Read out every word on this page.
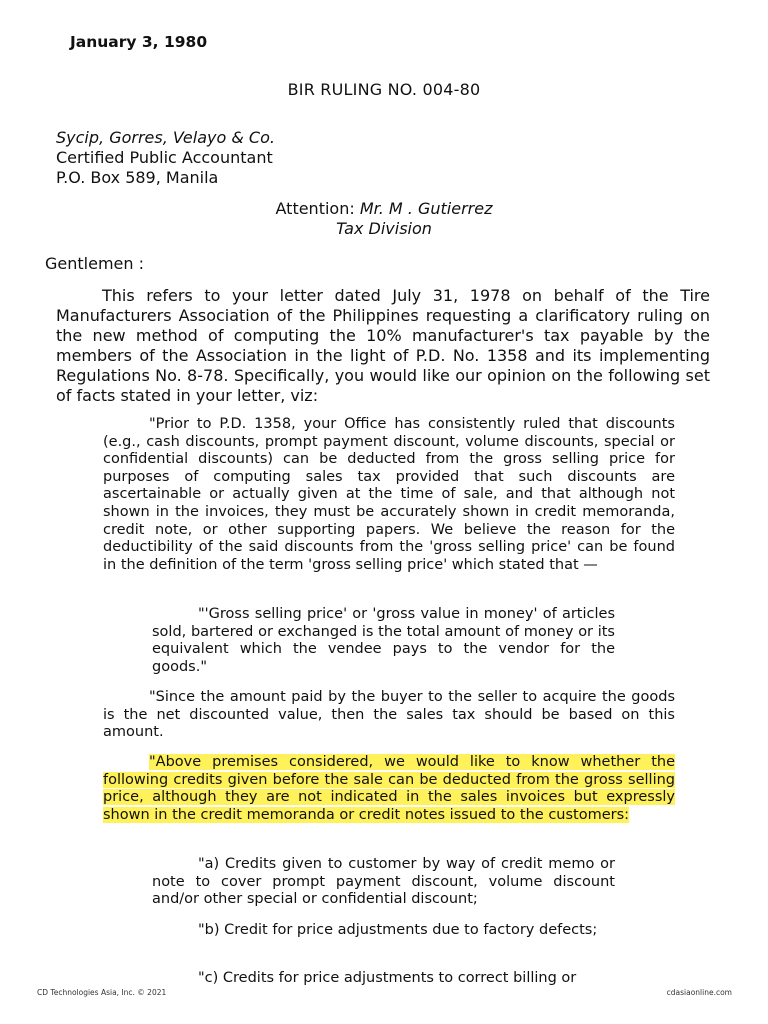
January 3, 1980
BIR RULING NO. 004-80
Sycip, Gorres, Velayo & Co.
Certified Public Accountant
P.O. Box 589, Manila
Attention: Mr. M . Gutierrez
Tax Division
Gentlemen :
This refers to your letter dated July 31, 1978 on behalf of the Tire Manufacturers Association of the Philippines requesting a clarificatory ruling on the new method of computing the 10% manufacturer's tax payable by the members of the Association in the light of P.D. No. 1358 and its implementing Regulations No. 8-78. Specifically, you would like our opinion on the following set of facts stated in your letter, viz:
"Prior to P.D. 1358, your Office has consistently ruled that discounts (e.g., cash discounts, prompt payment discount, volume discounts, special or confidential discounts) can be deducted from the gross selling price for purposes of computing sales tax provided that such discounts are ascertainable or actually given at the time of sale, and that although not shown in the invoices, they must be accurately shown in credit memoranda, credit note, or other supporting papers. We believe the reason for the deductibility of the said discounts from the 'gross selling price' can be found in the definition of the term 'gross selling price' which stated that —
"'Gross selling price' or 'gross value in money' of articles sold, bartered or exchanged is the total amount of money or its equivalent which the vendee pays to the vendor for the goods."
"Since the amount paid by the buyer to the seller to acquire the goods is the net discounted value, then the sales tax should be based on this amount.
"Above premises considered, we would like to know whether the following credits given before the sale can be deducted from the gross selling price, although they are not indicated in the sales invoices but expressly shown in the credit memoranda or credit notes issued to the customers:
"a) Credits given to customer by way of credit memo or note to cover prompt payment discount, volume discount and/or other special or confidential discount;
"b) Credit for price adjustments due to factory defects;
"c) Credits for price adjustments to correct billing or
CD Technologies Asia, Inc. © 2021	cdasiaonline.com
